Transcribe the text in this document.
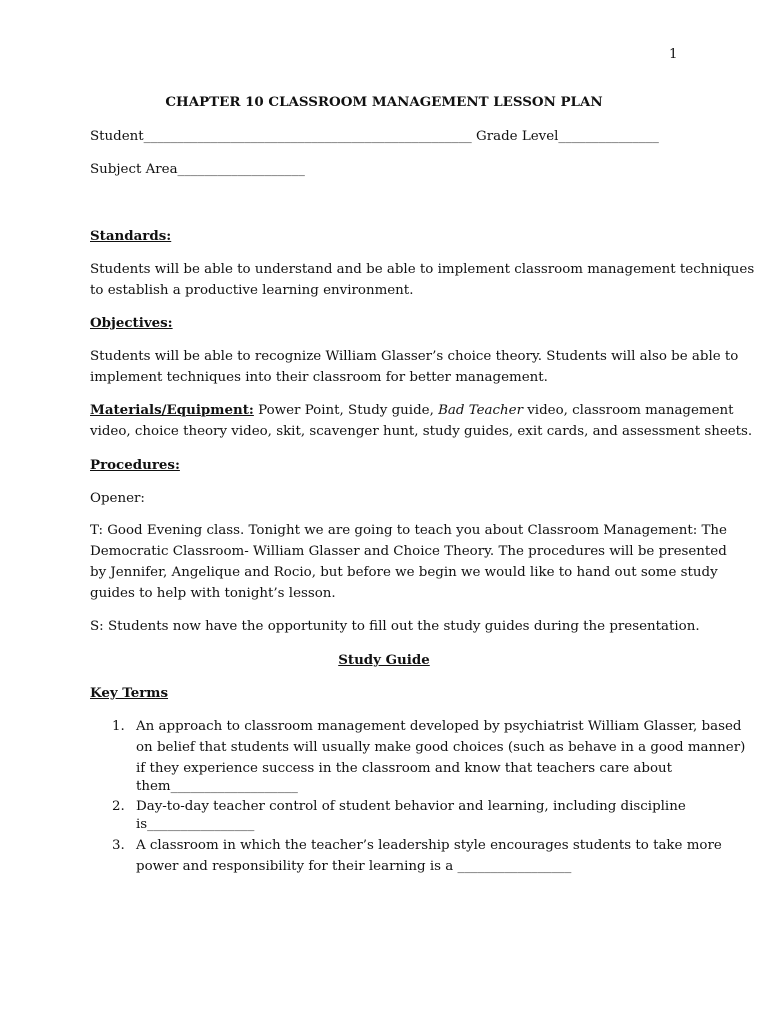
1
CHAPTER 10 CLASSROOM MANAGEMENT LESSON PLAN
Student_________________________________________________ Grade Level_______________
Subject Area___________________
Standards:
Students will be able to understand and be able to implement classroom management techniques
to establish a productive learning environment.
Objectives:
Students will be able to recognize William Glasser’s choice theory. Students will also be able to
implement techniques into their classroom for better management.
Materials/Equipment: Power Point, Study guide, Bad Teacher video, classroom management
video, choice theory video, skit, scavenger hunt, study guides, exit cards, and assessment sheets.
Procedures:
Opener:
T: Good Evening class. Tonight we are going to teach you about Classroom Management: The
Democratic Classroom- William Glasser and Choice Theory. The procedures will be presented
by Jennifer, Angelique and Rocio, but before we begin we would like to hand out some study
guides to help with tonight’s lesson.
S: Students now have the opportunity to fill out the study guides during the presentation.
Study Guide
Key Terms
1. An approach to classroom management developed by psychiatrist William Glasser, based
on belief that students will usually make good choices (such as behave in a good manner)
if they experience success in the classroom and know that teachers care about
them___________________
2. Day-to-day teacher control of student behavior and learning, including discipline
is________________
3. A classroom in which the teacher’s leadership style encourages students to take more
power and responsibility for their learning is a _________________
